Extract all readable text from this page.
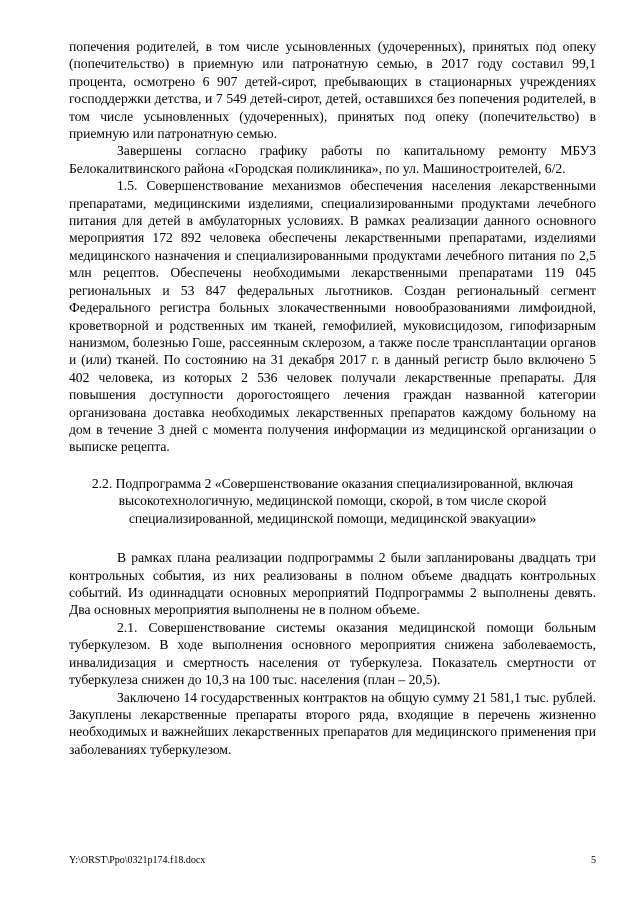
попечения родителей, в том числе усыновленных (удочеренных), принятых под опеку (попечительство) в приемную или патронатную семью, в 2017 году составил 99,1 процента, осмотрено 6 907 детей-сирот, пребывающих в стационарных учреждениях господдержки детства, и 7 549 детей-сирот, детей, оставшихся без попечения родителей, в том числе усыновленных (удочеренных), принятых под опеку (попечительство) в приемную или патронатную семью.

Завершены согласно графику работы по капитальному ремонту МБУЗ Белокалитвинского района «Городская поликлиника», по ул. Машиностроителей, 6/2.

1.5. Совершенствование механизмов обеспечения населения лекарственными препаратами, медицинскими изделиями, специализированными продуктами лечебного питания для детей в амбулаторных условиях. В рамках реализации данного основного мероприятия 172 892 человека обеспечены лекарственными препаратами, изделиями медицинского назначения и специализированными продуктами лечебного питания по 2,5 млн рецептов. Обеспечены необходимыми лекарственными препаратами 119 045 региональных и 53 847 федеральных льготников. Создан региональный сегмент Федерального регистра больных злокачественными новообразованиями лимфоидной, кроветворной и родственных им тканей, гемофилией, муковисцидозом, гипофизарным нанизмом, болезнью Гоше, рассеянным склерозом, а также после трансплантации органов и (или) тканей. По состоянию на 31 декабря 2017 г. в данный регистр было включено 5 402 человека, из которых 2 536 человек получали лекарственные препараты. Для повышения доступности дорогостоящего лечения граждан названной категории организована доставка необходимых лекарственных препаратов каждому больному на дом в течение 3 дней с момента получения информации из медицинской организации о выписке рецепта.

2.2. Подпрограмма 2 «Совершенствование оказания специализированной, включая высокотехнологичную, медицинской помощи, скорой, в том числе скорой специализированной, медицинской помощи, медицинской эвакуации»

В рамках плана реализации подпрограммы 2 были запланированы двадцать три контрольных события, из них реализованы в полном объеме двадцать контрольных событий. Из одиннадцати основных мероприятий Подпрограммы 2 выполнены девять. Два основных мероприятия выполнены не в полном объеме.

2.1. Совершенствование системы оказания медицинской помощи больным туберкулезом. В ходе выполнения основного мероприятия снижена заболеваемость, инвалидизация и смертность населения от туберкулеза. Показатель смертности от туберкулеза снижен до 10,3 на 100 тыс. населения (план – 20,5).

Заключено 14 государственных контрактов на общую сумму 21 581,1 тыс. рублей. Закуплены лекарственные препараты второго ряда, входящие в перечень жизненно необходимых и важнейших лекарственных препаратов для медицинского применения при заболеваниях туберкулезом.

Y:\ORST\Ppo\0321p174.f18.docx	5
